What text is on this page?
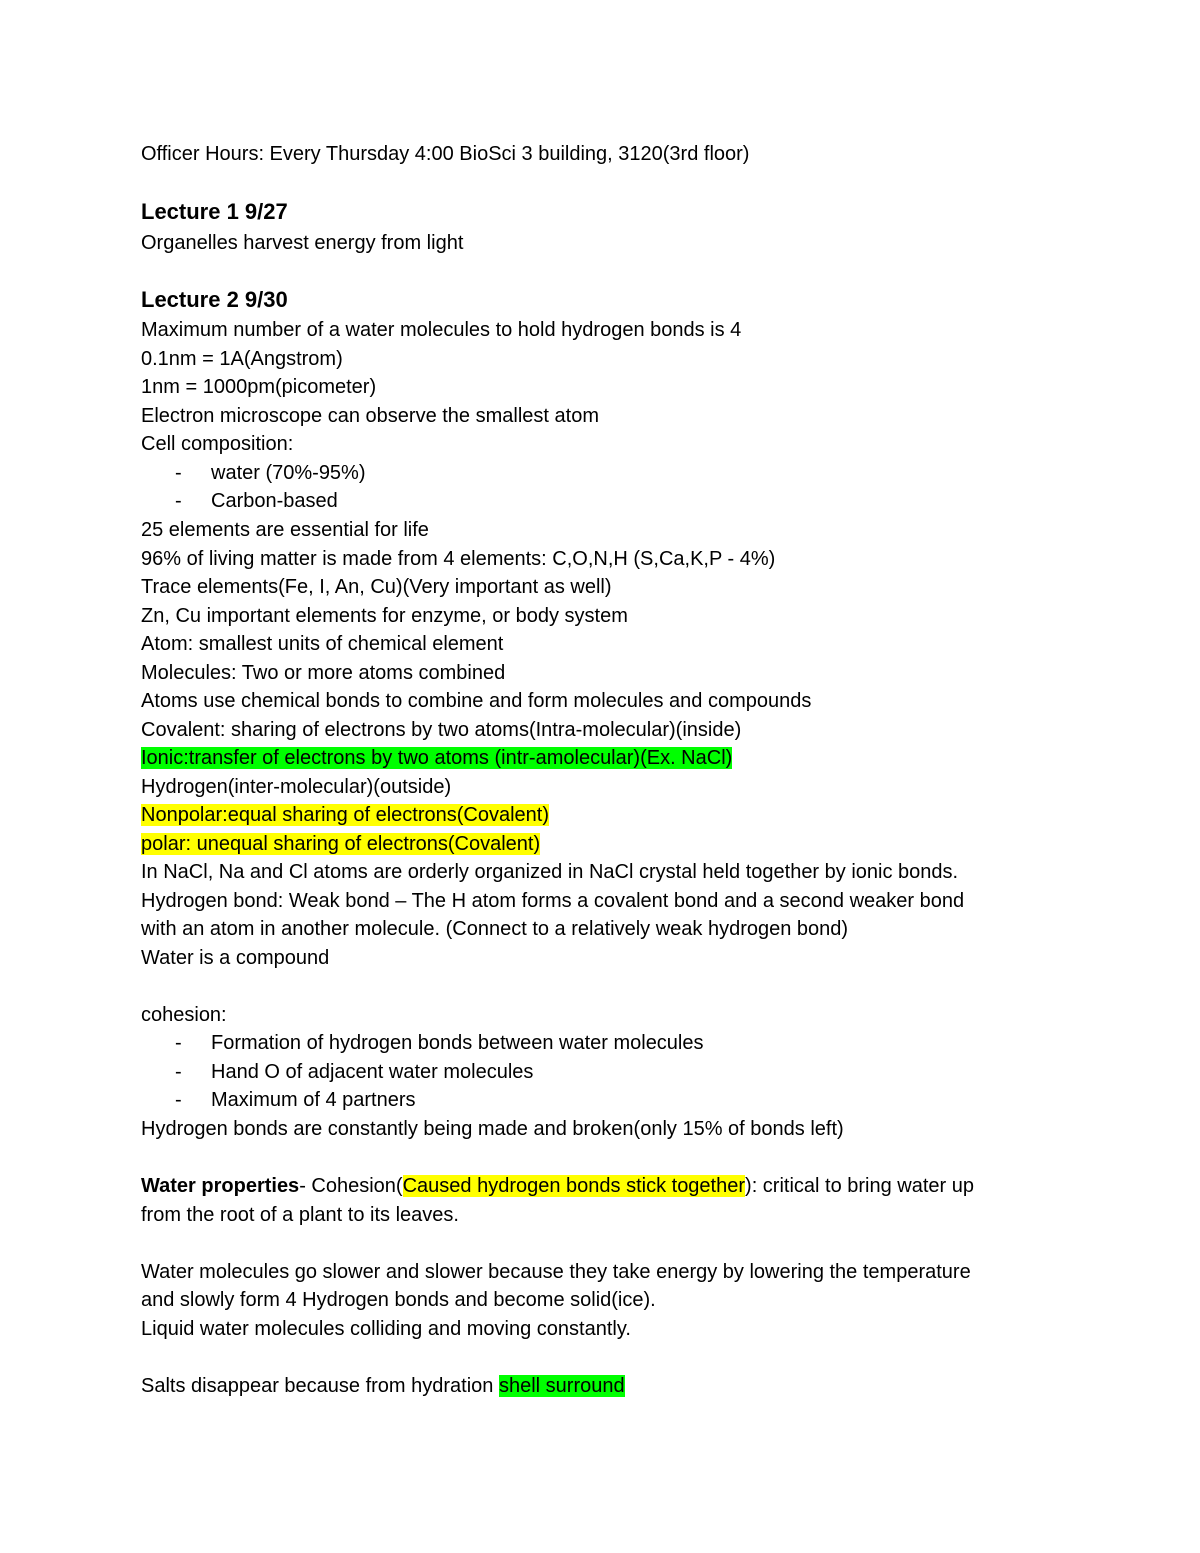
Officer Hours: Every Thursday 4:00 BioSci 3 building, 3120(3rd floor)
Lecture 1 9/27
Organelles harvest energy from light
Lecture 2 9/30
Maximum number of a water molecules to hold hydrogen bonds is 4
0.1nm = 1A(Angstrom)
1nm = 1000pm(picometer)
Electron microscope can observe the smallest atom
Cell composition:
- water (70%-95%)
- Carbon-based
25 elements are essential for life
96% of living matter is made from 4 elements: C,O,N,H (S,Ca,K,P - 4%)
Trace elements(Fe, I, An, Cu)(Very important as well)
Zn, Cu important elements for enzyme, or body system
Atom: smallest units of chemical element
Molecules: Two or more atoms combined
Atoms use chemical bonds to combine and form molecules and compounds
Covalent: sharing of electrons by two atoms(Intra-molecular)(inside)
Ionic:transfer of electrons by two atoms (intr-amolecular)(Ex. NaCl)
Hydrogen(inter-molecular)(outside)
Nonpolar:equal sharing of electrons(Covalent)
polar: unequal sharing of electrons(Covalent)
In NaCl, Na and Cl atoms are orderly organized in NaCl crystal held together by ionic bonds.
Hydrogen bond: Weak bond – The H atom forms a covalent bond and a second weaker bond
with an atom in another molecule. (Connect to a relatively weak hydrogen bond)
Water is a compound
cohesion:
- Formation of hydrogen bonds between water molecules
- Hand O of adjacent water molecules
- Maximum of 4 partners
Hydrogen bonds are constantly being made and broken(only 15% of bonds left)
Water properties- Cohesion(Caused hydrogen bonds stick together): critical to bring water up
from the root of a plant to its leaves.
Water molecules go slower and slower because they take energy by lowering the temperature
and slowly form 4 Hydrogen bonds and become solid(ice).
Liquid water molecules colliding and moving constantly.
Salts disappear because from hydration shell surround
